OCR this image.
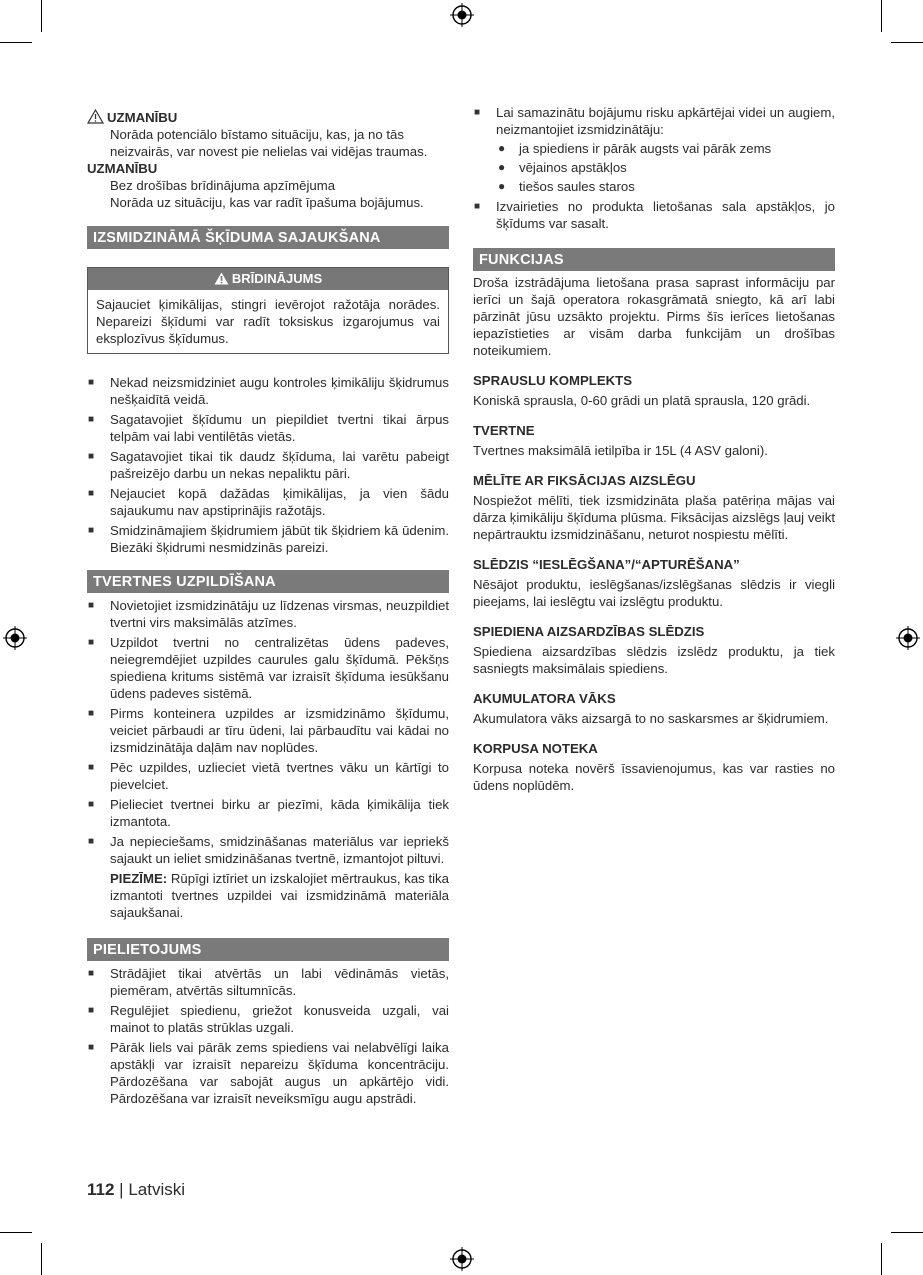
UZMANĪBU
Norāda potenciālo bīstamo situāciju, kas, ja no tās neizvairās, var novest pie nelielas vai vidējas traumas.
UZMANĪBU
Bez drošības brīdinājuma apzīmējuma
Norāda uz situāciju, kas var radīt īpašuma bojājumus.
IZSMIDZINĀMĀ ŠĶĪDUMA SAJAUKŠANA
BRĪDINĀJUMS
Sajauciet ķimikālijas, stingri ievērojot ražotāja norādes. Nepareizi šķīdumi var radīt toksiskus izgarojumus vai eksplozīvus šķīdumus.
■ Nekad neizsmidziniet augu kontroles ķimikāliju šķidrumus nešķaidītā veidā.
■ Sagatavojiet šķīdumu un piepildiet tvertni tikai ārpus telpām vai labi ventilētās vietās.
■ Sagatavojiet tikai tik daudz šķīduma, lai varētu pabeigt pašreizējo darbu un nekas nepaliktu pāri.
■ Nejauciet kopā dažādas ķimikālijas, ja vien šādu sajaukumu nav apstiprinājis ražotājs.
■ Smidzināmajiem šķidrumiem jābūt tik šķidriem kā ūdenim. Biezāki šķidrumi nesmidzinās pareizi.
TVERTNES UZPILDĪŠANA
■ Novietojiet izsmidzinātāju uz līdzenas virsmas, neuzpildiet tvertni virs maksimālās atzīmes.
■ Uzpildot tvertni no centralizētas ūdens padeves, neiegremdējiet uzpildes caurules galu šķīdumā. Pēkšņs spiediena kritums sistēmā var izraisīt šķīduma iesūkšanu ūdens padeves sistēmā.
■ Pirms konteinera uzpildes ar izsmidzināmo šķīdumu, veiciet pārbaudi ar tīru ūdeni, lai pārbaudītu vai kādai no izsmidzinātāja daļām nav noplūdes.
■ Pēc uzpildes, uzlieciet vietā tvertnes vāku un kārtīgi to pievelciet.
■ Pielieciet tvertnei birku ar piezīmi, kāda ķimikālija tiek izmantota.
■ Ja nepieciešams, smidzināšanas materiālus var iepriekš sajaukt un ieliet smidzināšanas tvertnē, izmantojot piltuvi.
PIEZĪME: Rūpīgi iztīriet un izskalojiet mērtraukus, kas tika izmantoti tvertnes uzpildei vai izsmidzināmā materiāla sajaukšanai.
PIELIETOJUMS
■ Strādājiet tikai atvērtās un labi vēdināmās vietās, piemēram, atvērtās siltumnīcās.
■ Regulējiet spiedienu, griežot konusveida uzgali, vai mainot to platās strūklas uzgali.
■ Pārāk liels vai pārāk zems spiediens vai nelabvēlīgi laika apstākļi var izraisīt nepareizu šķīduma koncentrāciju. Pārdozēšana var sabojāt augus un apkārtējo vidi. Pārdozēšana var izraisīt neveiksmīgu augu apstrādi.
■ Lai samazinātu bojājumu risku apkārtējai videi un augiem, neizmantojiet izsmidzinātāju:
● ja spiediens ir pārāk augsts vai pārāk zems
● vējainos apstākļos
● tiešos saules staros
■ Izvairieties no produkta lietošanas sala apstākļos, jo šķīdums var sasalt.
FUNKCIJAS
Droša izstrādājuma lietošana prasa saprast informāciju par ierīci un šajā operatora rokasgrāmatā sniegto, kā arī labi pārzināt jūsu uzsākto projektu. Pirms šīs ierīces lietošanas iepazīstieties ar visām darba funkcijām un drošības noteikumiem.
SPRAUSLU KOMPLEKTS
Koniskā sprausla, 0-60 grādi un platā sprausla, 120 grādi.
TVERTNE
Tvertnes maksimālā ietilpība ir 15L (4 ASV galoni).
MĒLĪTE AR FIKSĀCIJAS AIZSLĒGU
Nospiežot mēlīti, tiek izsmidzināta plaša patēriņa mājas vai dārza ķimikāliju šķīduma plūsma. Fiksācijas aizslēgs ļauj veikt nepārtrauktu izsmidzināšanu, neturot nospiestu mēlīti.
SLĒDZIS “IESLĒGŠANA”/“APTURĒŠANA”
Nēsājot produktu, ieslēgšanas/izslēgšanas slēdzis ir viegli pieejams, lai ieslēgtu vai izslēgtu produktu.
SPIEDIENA AIZSARDZĪBAS SLĒDZIS
Spiediena aizsardzības slēdzis izslēdz produktu, ja tiek sasniegts maksimālais spiediens.
AKUMULATORA VĀKS
Akumulatora vāks aizsargā to no saskarsmes ar šķidrumiem.
KORPUSA NOTEKA
Korpusa noteka novērš īssavienojumus, kas var rasties no ūdens noplūdēm.
112 | Latviski
